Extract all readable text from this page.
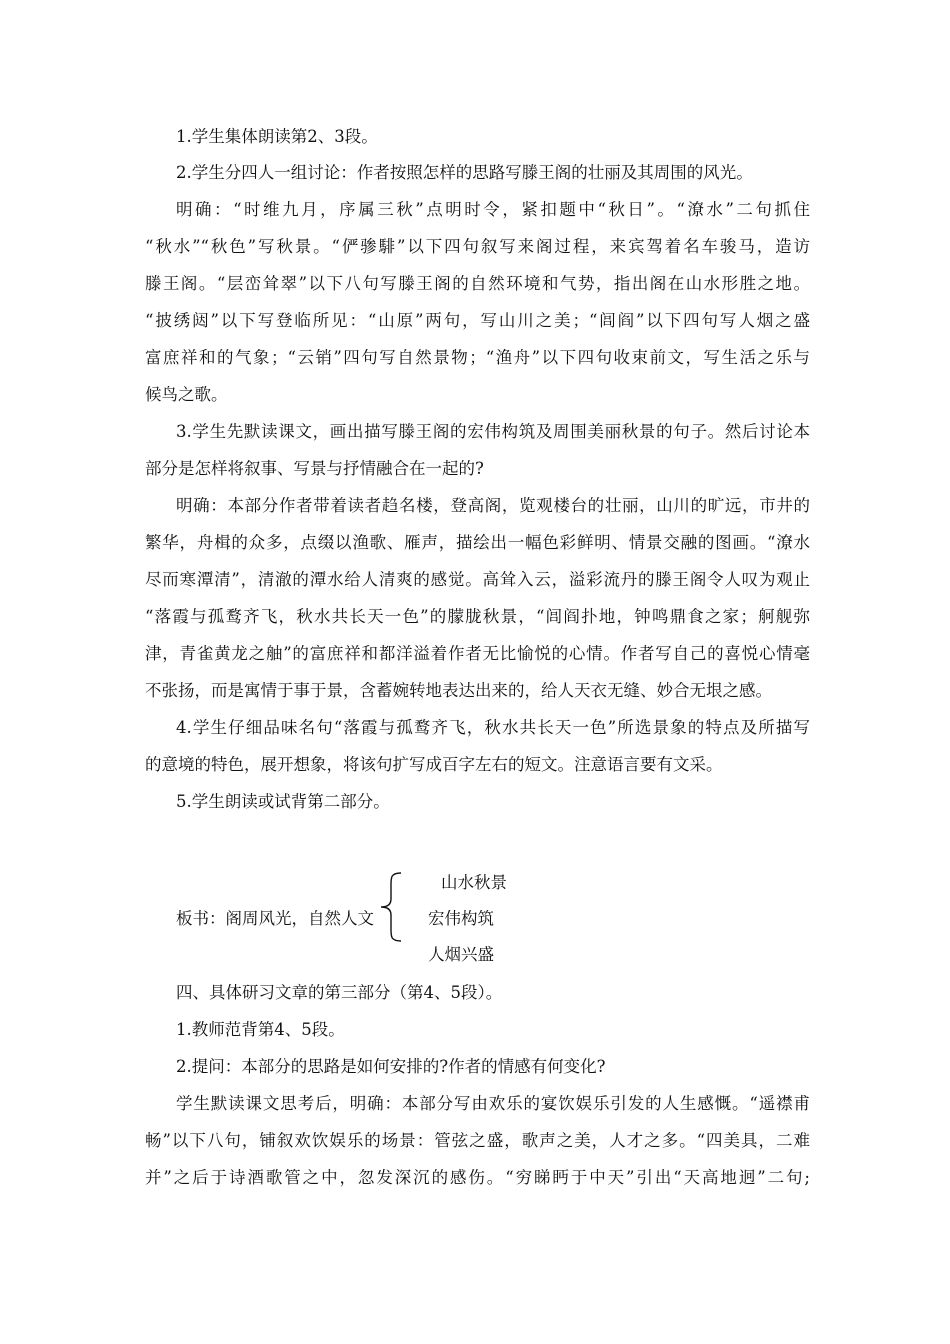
1.学生集体朗读第2、3段。
2.学生分四人一组讨论：作者按照怎样的思路写滕王阁的壮丽及其周围的风光。
明确：“时维九月，序属三秋”点明时令，紧扣题中“秋日”。“潦水”二句抓住
“秋水”“秋色”写秋景。“俨骖騑”以下四句叙写来阁过程，来宾驾着名车骏马，造访
滕王阁。“层峦耸翠”以下八句写滕王阁的自然环境和气势，指出阁在山水形胜之地。
“披绣闼”以下写登临所见：“山原”两句，写山川之美；“闾阎”以下四句写人烟之盛
富庶祥和的气象；“云销”四句写自然景物；“渔舟”以下四句收束前文，写生活之乐与
候鸟之歌。
3.学生先默读课文，画出描写滕王阁的宏伟构筑及周围美丽秋景的句子。然后讨论本
部分是怎样将叙事、写景与抒情融合在一起的?
明确：本部分作者带着读者趋名楼，登高阁，览观楼台的壮丽，山川的旷远，市井的
繁华，舟楫的众多，点缀以渔歌、雁声，描绘出一幅色彩鲜明、情景交融的图画。“潦水
尽而寒潭清”，清澈的潭水给人清爽的感觉。高耸入云，溢彩流丹的滕王阁令人叹为观止
“落霞与孤鹜齐飞，秋水共长天一色”的朦胧秋景，“闾阎扑地，钟鸣鼎食之家；舸舰弥
津，青雀黄龙之舳”的富庶祥和都洋溢着作者无比愉悦的心情。作者写自己的喜悦心情毫
不张扬，而是寓情于事于景，含蓄婉转地表达出来的，给人天衣无缝、妙合无垠之感。
4.学生仔细品味名句“落霞与孤鹜齐飞，秋水共长天一色”所选景象的特点及所描写
的意境的特色，展开想象，将该句扩写成百字左右的短文。注意语言要有文采。
5.学生朗读或试背第二部分。
山水秋景
板书：阁周风光，自然人文	宏伟构筑
人烟兴盛
四、具体研习文章的第三部分（第4、5段）。
1.教师范背第4、5段。
2.提问：本部分的思路是如何安排的?作者的情感有何变化?
学生默读课文思考后，明确：本部分写由欢乐的宴饮娱乐引发的人生感慨。“遥襟甫
畅”以下八句，铺叙欢饮娱乐的场景：管弦之盛，歌声之美，人才之多。“四美具，二难
并”之后于诗酒歌管之中，忽发深沉的感伤。“穷睇眄于中天”引出“天高地迥”二句;
